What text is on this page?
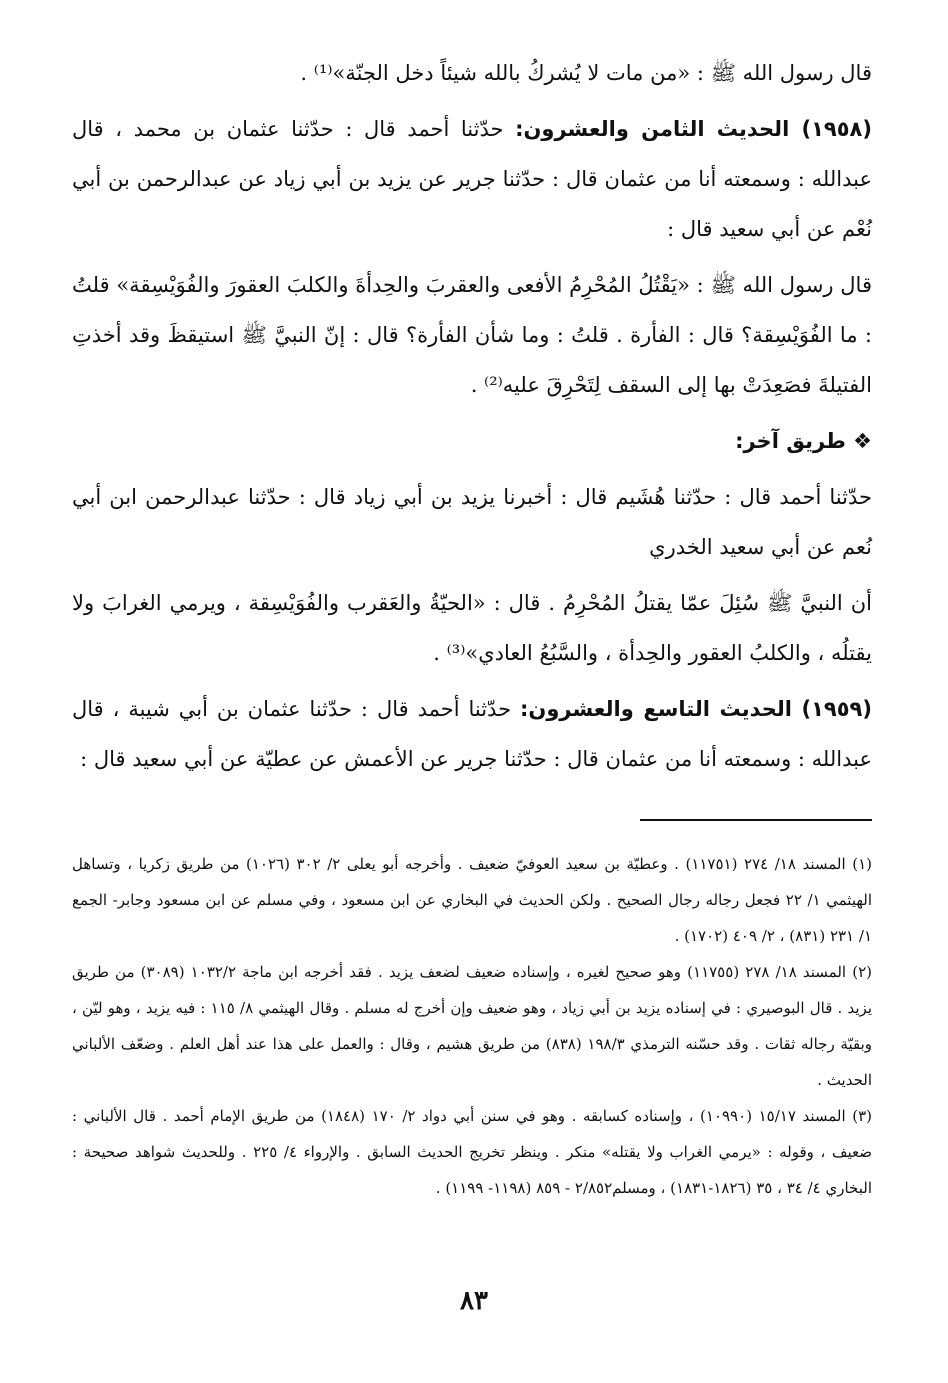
قال رسول الله ﷺ : «من مات لا يُشركُ بالله شيئاً دخل الجنّة»⁽¹⁾ .

(١٩٥٨) الحديث الثامن والعشرون: حدّثنا أحمد قال : حدّثنا عثمان بن محمد ، قال عبدالله : وسمعته أنا من عثمان قال : حدّثنا جرير عن يزيد بن أبي زياد عن عبدالرحمن بن أبي نُعْم عن أبي سعيد قال :

قال رسول الله ﷺ : «يَقْتُلُ المُحْرِمُ الأفعى والعقربَ والحِدأةَ والكلبَ العقورَ والفُوَيْسِقة» قلتُ : ما الفُوَيْسِقة؟ قال : الفأرة . قلتُ : وما شأن الفأرة؟ قال : إنّ النبيَّ ﷺ استيقظَ وقد أخذتِ الفتيلةَ فصَعِدَتْ بها إلى السقف لِتَحْرِقَ عليه⁽²⁾ .

❖ طريق آخر:

حدّثنا أحمد قال : حدّثنا هُشَيم قال : أخبرنا يزيد بن أبي زياد قال : حدّثنا عبدالرحمن ابن أبي نُعم عن أبي سعيد الخدري

أن النبيَّ ﷺ سُئِلَ عمّا يقتلُ المُحْرِمُ . قال : «الحيّةُ والعَقرب والفُوَيْسِقة ، ويرمي الغرابَ ولا يقتلُه ، والكلبُ العقور والحِدأة ، والسَّبُعُ العادي»⁽³⁾ .

(١٩٥٩) الحديث التاسع والعشرون: حدّثنا أحمد قال : حدّثنا عثمان بن أبي شيبة ، قال عبدالله : وسمعته أنا من عثمان قال : حدّثنا جرير عن الأعمش عن عطيّة عن أبي سعيد قال :

(١) المسند ١٨/ ٢٧٤ (١١٧٥١) . وعطيّة بن سعيد العوفيّ ضعيف . وأخرجه أبو يعلى ٢/ ٣٠٢ (١٠٢٦) من طريق زكريا ، وتساهل الهيثمي ١/ ٢٢ فجعل رجاله رجال الصحيح . ولكن الحديث في البخاري عن ابن مسعود ، وفي مسلم عن ابن مسعود وجابر- الجمع ١/ ٢٣١ (٨٣١) ، ٢/ ٤٠٩ (١٧٠٢) .

(٢) المسند ١٨/ ٢٧٨ (١١٧٥٥) وهو صحيح لغيره ، وإسناده ضعيف لضعف يزيد . فقد أخرجه ابن ماجة ١٠٣٢/٢ (٣٠٨٩) من طريق يزيد . قال البوصيري : في إسناده يزيد بن أبي زياد ، وهو ضعيف وإن أخرج له مسلم . وقال الهيثمي ٨/ ١١٥ : فيه يزيد ، وهو ليّن ، وبقيّة رجاله ثقات . وقد حسّنه الترمذي ١٩٨/٣ (٨٣٨) من طريق هشيم ، وقال : والعمل على هذا عند أهل العلم . وضعّف الألباني الحديث .

(٣) المسند ١٥/١٧ (١٠٩٩٠) ، وإسناده كسابقه . وهو في سنن أبي دواد ٢/ ١٧٠ (١٨٤٨) من طريق الإمام أحمد . قال الألباني : ضعيف ، وقوله : «يرمي الغراب ولا يقتله» منكر . وينظر تخريج الحديث السابق . والإرواء ٤/ ٢٢٥ . وللحديث شواهد صحيحة : البخاري ٤/ ٣٤ ، ٣٥ (١٨٢٦-١٨٣١) ، ومسلم٢/٨٥٢ - ٨٥٩ (١١٩٨- ١١٩٩) .

٨٣
